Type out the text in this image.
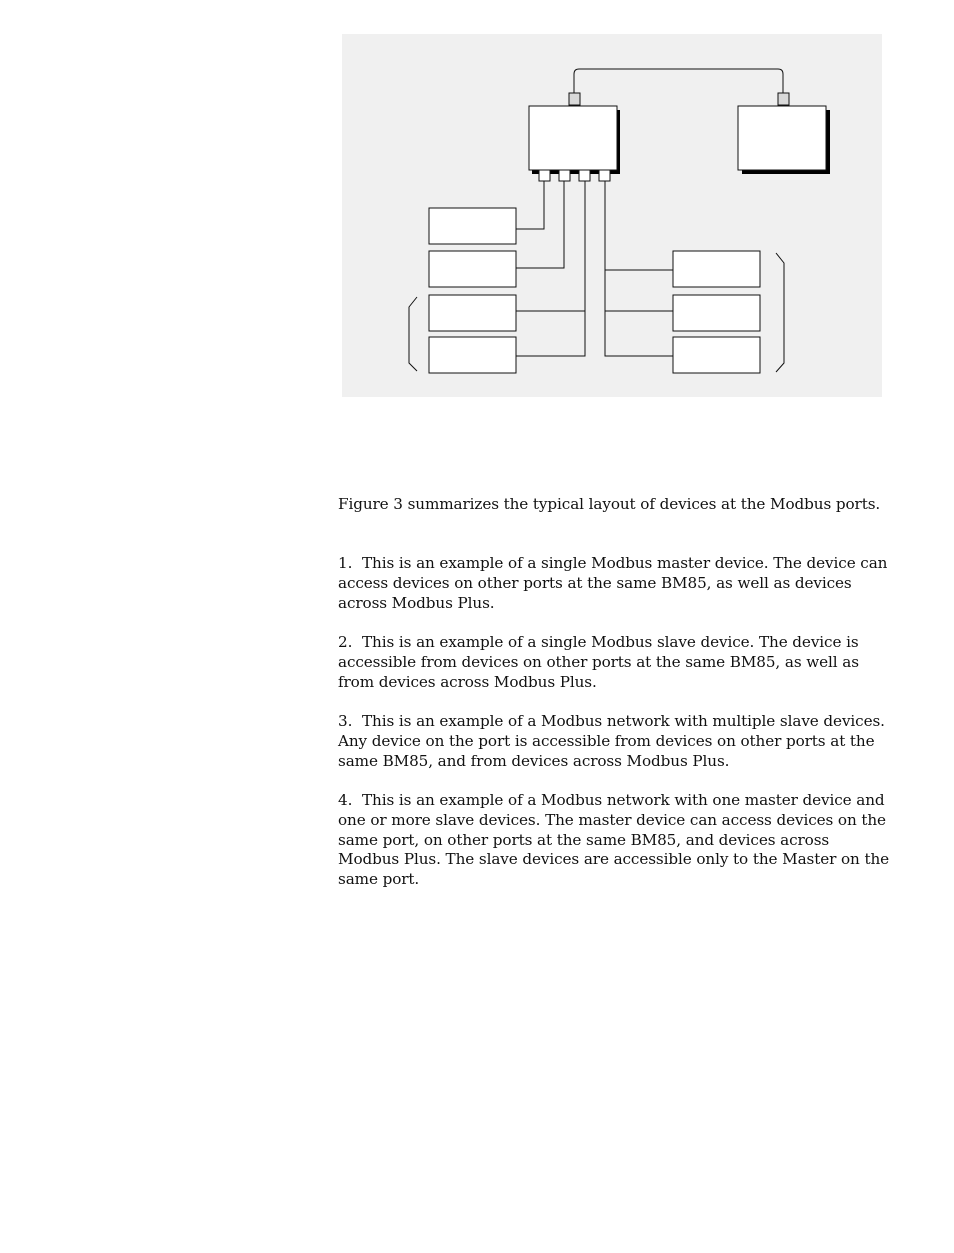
Figure 3 summarizes the typical layout of devices at the Modbus ports.
1. This is an example of a single Modbus master device. The device can access devices on other ports at the same BM85, as well as devices across Modbus Plus.
2. This is an example of a single Modbus slave device. The device is accessible from devices on other ports at the same BM85, as well as from devices across Modbus Plus.
3. This is an example of a Modbus network with multiple slave devices. Any device on the port is accessible from devices on other ports at the same BM85, and from devices across Modbus Plus.
4. This is an example of a Modbus network with one master device and one or more slave devices. The master device can access devices on the same port, on other ports at the same BM85, and devices across Modbus Plus. The slave devices are accessible only to the Master on the same port.
